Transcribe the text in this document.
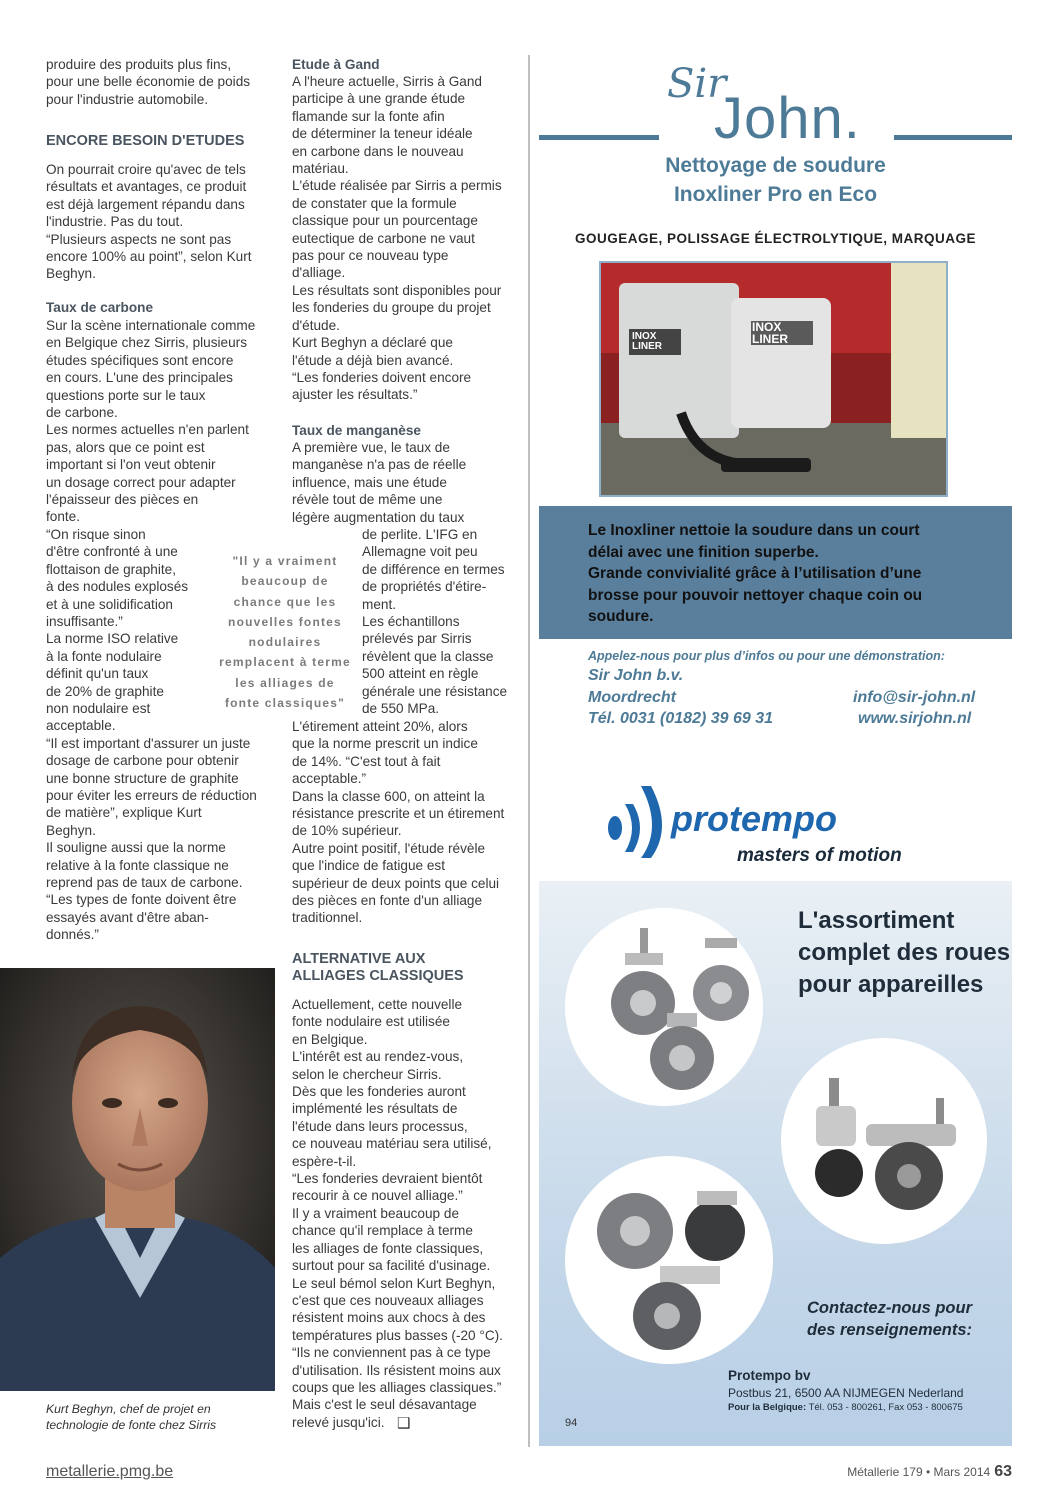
produire des produits plus fins,
pour une belle économie de poids
pour l'industrie automobile.
ENCORE BESOIN D'ETUDES
On pourrait croire qu'avec de tels
résultats et avantages, ce produit
est déjà largement répandu dans
l'industrie. Pas du tout.
“Plusieurs aspects ne sont pas
encore 100% au point”, selon Kurt
Beghyn.
Taux de carbone
Sur la scène internationale comme
en Belgique chez Sirris, plusieurs
études spécifiques sont encore
en cours. L'une des principales
questions porte sur le taux
de carbone.
Les normes actuelles n'en parlent
pas, alors que ce point est
important si l'on veut obtenir
un dosage correct pour adapter
l'épaisseur des pièces en
fonte.
“On risque sinon
d'être confronté à une
flottaison de graphite,
à des nodules explosés
et à une solidification
insuffisante.”
La norme ISO relative
à la fonte nodulaire
définit qu'un taux
de 20% de graphite
non nodulaire est
acceptable.
“Il est important d'assurer un juste
dosage de carbone pour obtenir
une bonne structure de graphite
pour éviter les erreurs de réduction
de matière”, explique Kurt
Beghyn.
Il souligne aussi que la norme
relative à la fonte classique ne
reprend pas de taux de carbone.
“Les types de fonte doivent être
essayés avant d'être aban-
donnés.”
"Il y a vraiment
beaucoup de
chance que les
nouvelles fontes
nodulaires
remplacent à terme
les alliages de
fonte classiques"
Etude à Gand
A l'heure actuelle, Sirris à Gand
participe à une grande étude
flamande sur la fonte afin
de déterminer la teneur idéale
en carbone dans le nouveau
matériau.
L'étude réalisée par Sirris a permis
de constater que la formule
classique pour un pourcentage
eutectique de carbone ne vaut
pas pour ce nouveau type
d'alliage.
Les résultats sont disponibles pour
les fonderies du groupe du projet
d'étude.
Kurt Beghyn a déclaré que
l'étude a déjà bien avancé.
“Les fonderies doivent encore
ajuster les résultats.”
Taux de manganèse
A première vue, le taux de
manganèse n'a pas de réelle
influence, mais une étude
révèle tout de même une
légère augmentation du taux
de perlite. L'IFG en
Allemagne voit peu
de différence en termes
de propriétés d'étire-
ment.
Les échantillons
prélevés par Sirris
révèlent que la classe
500 atteint en règle
générale une résistance
de 550 MPa.
L'étirement atteint 20%, alors
que la norme prescrit un indice
de 14%. “C'est tout à fait
acceptable.”
Dans la classe 600, on atteint la
résistance prescrite et un étirement
de 10% supérieur.
Autre point positif, l'étude révèle
que l'indice de fatigue est
supérieur de deux points que celui
des pièces en fonte d'un alliage
traditionnel.
ALTERNATIVE AUX
ALLIAGES CLASSIQUES
Actuellement, cette nouvelle
fonte nodulaire est utilisée
en Belgique.
L'intérêt est au rendez-vous,
selon le chercheur Sirris.
Dès que les fonderies auront
implémenté les résultats de
l'étude dans leurs processus,
ce nouveau matériau sera utilisé,
espère-t-il.
“Les fonderies devraient bientôt
recourir à ce nouvel alliage.”
Il y a vraiment beaucoup de
chance qu'il remplace à terme
les alliages de fonte classiques,
surtout pour sa facilité d'usinage.
Le seul bémol selon Kurt Beghyn,
c'est que ces nouveaux alliages
résistent moins aux chocs à des
températures plus basses (-20 °C).
“Ils ne conviennent pas à ce type
d'utilisation. Ils résistent moins aux
coups que les alliages classiques.”
Mais c'est le seul désavantage
relevé jusqu'ici. ❑
Kurt Beghyn, chef de projet en
technologie de fonte chez Sirris
Sir
John.
Nettoyage de soudure
Inoxliner Pro en Eco
GOUGEAGE, POLISSAGE ÉLECTROLYTIQUE, MARQUAGE
INOX
LINER
INOX
LINER
Le Inoxliner nettoie la soudure dans un court
délai avec une finition superbe.
Grande convivialité grâce à l’utilisation d’une
brosse pour pouvoir nettoyer chaque coin ou
soudure.
Appelez-nous pour plus d’infos ou pour une démonstration:
Sir John b.v.
Moordrecht
Tél. 0031 (0182) 39 69 31
info@sir-john.nl
www.sirjohn.nl
protempo
masters of motion
L'assortiment
complet des roues
pour appareilles
Contactez-nous pour
des renseignements:
Protempo bv
Postbus 21, 6500 AA NIJMEGEN Nederland
Pour la Belgique: Tél. 053 - 800261, Fax 053 - 800675
94
metallerie.pmg.be	Métallerie 179 • Mars 2014 63
